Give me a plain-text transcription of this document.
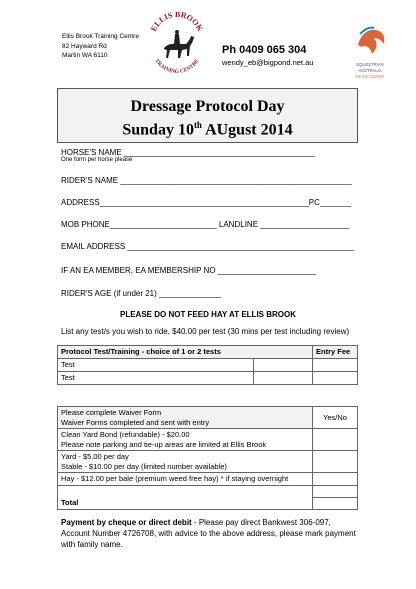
Ellis Brook Training Centre
82 Hayward Rd
Martin WA 6110
ELLIS BROOK
TRAINING CENTRE
Ph 0409 065 304
wendy_eb@bigpond.net.au	EQUESTRIAN
AUSTRALIA
NCAS COACH
Dressage Protocol Day
Sunday 10th AUgust 2014
HORSE'S NAME ___________________________________________
One form per horse please
RIDER'S NAME ____________________________________________________
ADDRESS_______________________________________________PC_______
MOB PHONE________________________ LANDLINE ____________________
EMAIL ADDRESS ___________________________________________________
IF AN EA MEMBER, EA MEMBERSHIP NO ______________________
RIDER'S AGE (if under 21) ______________
PLEASE DO NOT FEED HAY AT ELLIS BROOK
List any test/s you wish to ride, $40.00 per test (30 mins per test including review)
Protocol Test/Training - choice of 1 or 2 tests		Entry Fee
Test		
Test		
Please complete Waiver Form
Waiver Forms completed and sent with entry	Yes/No

Clean Yard Bond (refundable) - $20.00
Please note parking and tie-up areas are limited at Ellis Brook	

Yard - $5.00 per day
Stable - $10.00 per day (limited number available)	

Hay - $12.00 per bale (premium weed free hay) * if staying overnight	

Total	
Payment by cheque or direct debit - Please pay direct Bankwest 306-097, Account Number 4726708, with advice to the above address, please mark payment with family name.
